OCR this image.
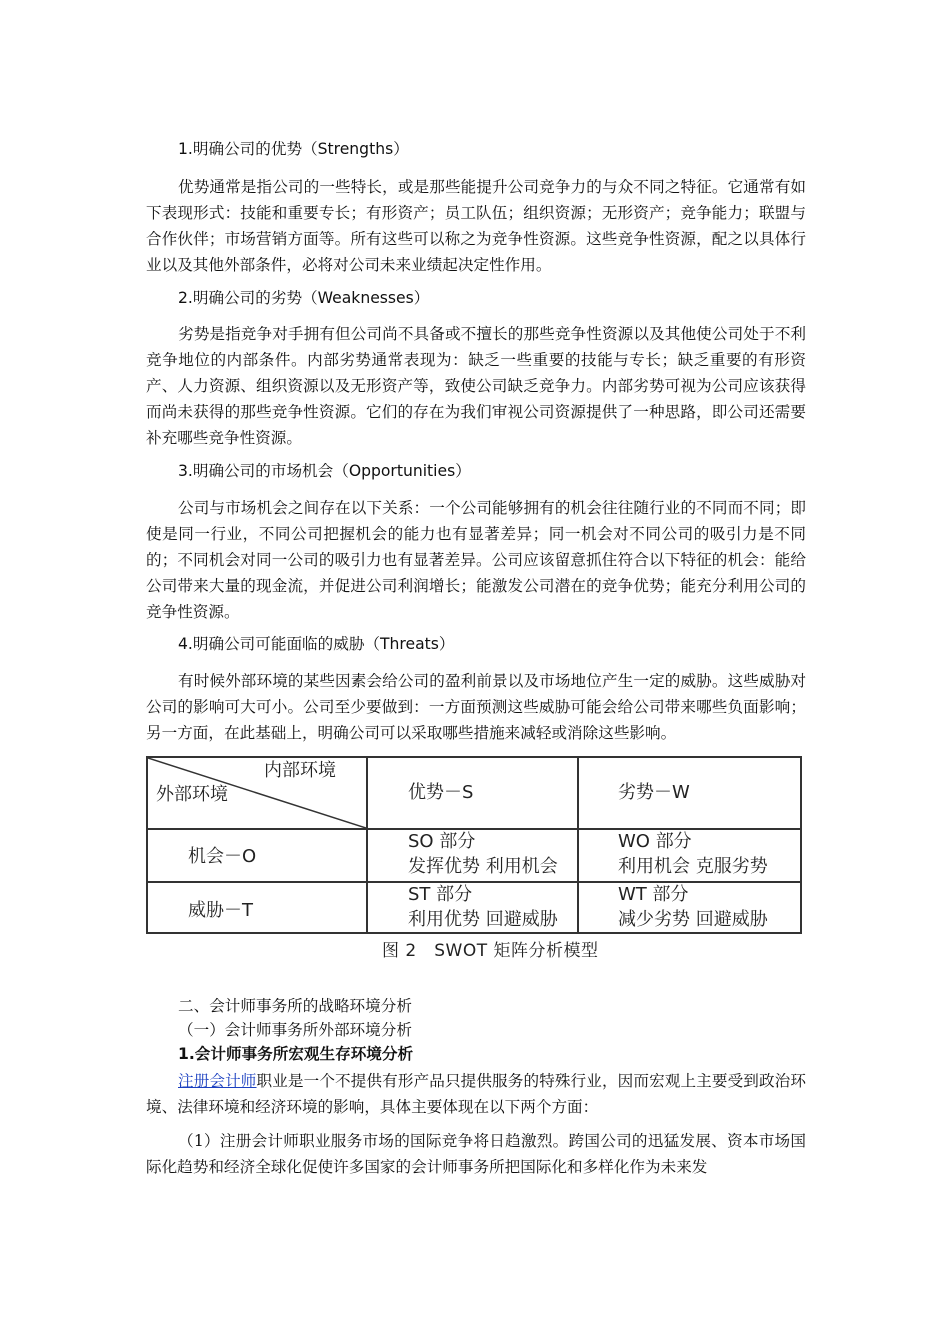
1.明确公司的优势（Strengths）

优势通常是指公司的一些特长，或是那些能提升公司竞争力的与众不同之特征。它通常有如下表现形式：技能和重要专长；有形资产；员工队伍；组织资源；无形资产；竞争能力；联盟与合作伙伴；市场营销方面等。所有这些可以称之为竞争性资源。这些竞争性资源，配之以具体行业以及其他外部条件，必将对公司未来业绩起决定性作用。

2.明确公司的劣势（Weaknesses）

劣势是指竞争对手拥有但公司尚不具备或不擅长的那些竞争性资源以及其他使公司处于不利竞争地位的内部条件。内部劣势通常表现为：缺乏一些重要的技能与专长；缺乏重要的有形资产、人力资源、组织资源以及无形资产等，致使公司缺乏竞争力。内部劣势可视为公司应该获得而尚未获得的那些竞争性资源。它们的存在为我们审视公司资源提供了一种思路，即公司还需要补充哪些竞争性资源。

3.明确公司的市场机会（Opportunities）

公司与市场机会之间存在以下关系：一个公司能够拥有的机会往往随行业的不同而不同；即使是同一行业，不同公司把握机会的能力也有显著差异；同一机会对不同公司的吸引力是不同的；不同机会对同一公司的吸引力也有显著差异。公司应该留意抓住符合以下特征的机会：能给公司带来大量的现金流，并促进公司利润增长；能激发公司潜在的竞争优势；能充分利用公司的竞争性资源。

4.明确公司可能面临的威胁（Threats）

有时候外部环境的某些因素会给公司的盈利前景以及市场地位产生一定的威胁。这些威胁对公司的影响可大可小。公司至少要做到：一方面预测这些威胁可能会给公司带来哪些负面影响；另一方面，在此基础上，明确公司可以采取哪些措施来减轻或消除这些影响。

内部环境
外部环境	优势－S	劣势－W
机会－O
威胁－T
SO 部分
发挥优势 利用机会
WO 部分
利用机会 克服劣势
ST 部分
利用优势 回避威胁
WT 部分
减少劣势 回避威胁
图 2　SWOT 矩阵分析模型

二、会计师事务所的战略环境分析

（一）会计师事务所外部环境分析

1.会计师事务所宏观生存环境分析

注册会计师职业是一个不提供有形产品只提供服务的特殊行业，因而宏观上主要受到政治环境、法律环境和经济环境的影响，具体主要体现在以下两个方面：

（1）注册会计师职业服务市场的国际竞争将日趋激烈。跨国公司的迅猛发展、资本市场国际化趋势和经济全球化促使许多国家的会计师事务所把国际化和多样化作为未来发
